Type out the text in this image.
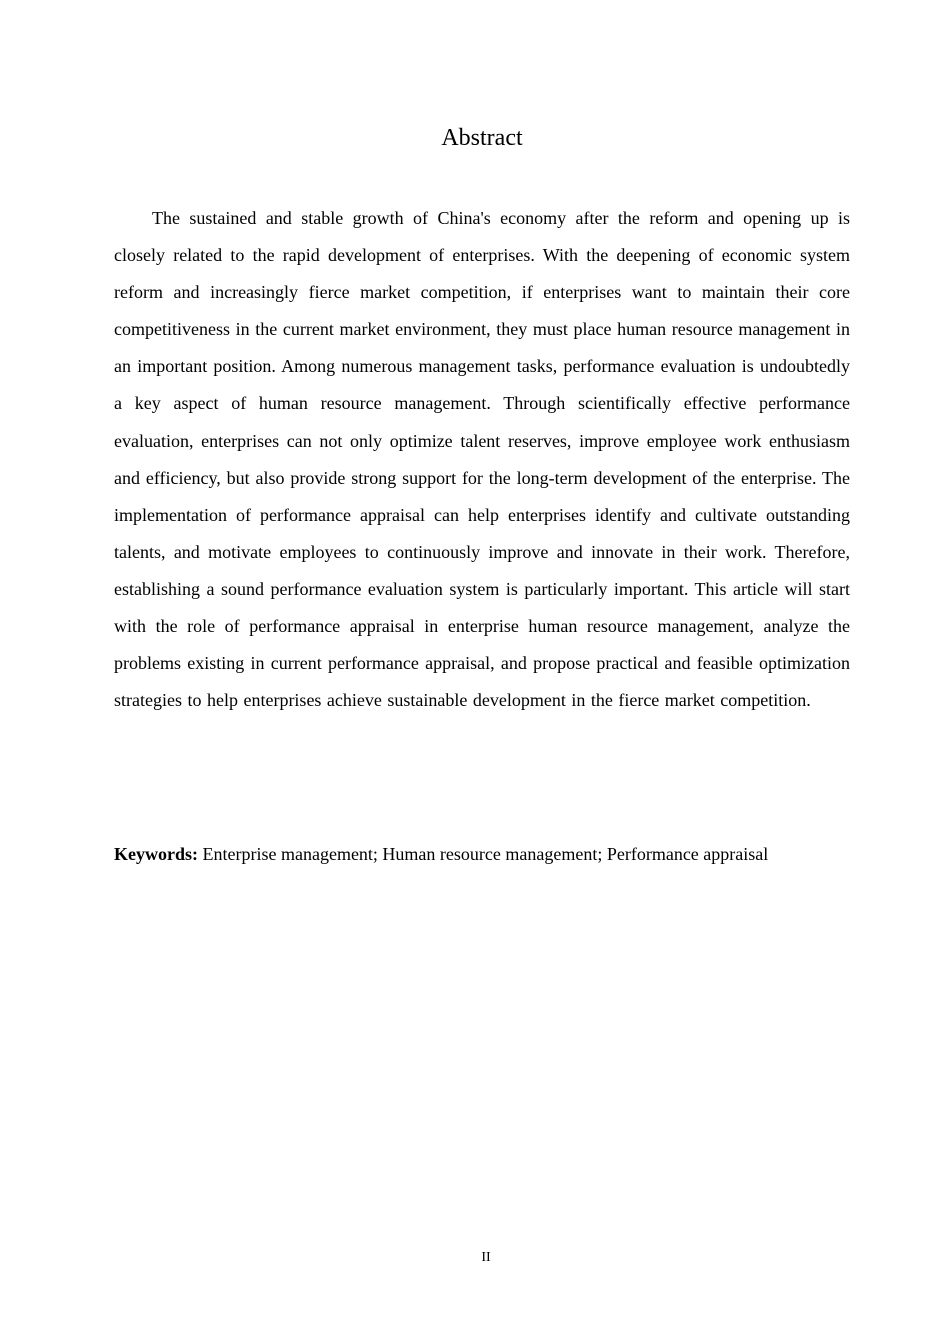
Abstract

The sustained and stable growth of China's economy after the reform and opening up is closely related to the rapid development of enterprises. With the deepening of economic system reform and increasingly fierce market competition, if enterprises want to maintain their core competitiveness in the current market environment, they must place human resource management in an important position. Among numerous management tasks, performance evaluation is undoubtedly a key aspect of human resource management. Through scientifically effective performance evaluation, enterprises can not only optimize talent reserves, improve employee work enthusiasm and efficiency, but also provide strong support for the long-term development of the enterprise. The implementation of performance appraisal can help enterprises identify and cultivate outstanding talents, and motivate employees to continuously improve and innovate in their work. Therefore, establishing a sound performance evaluation system is particularly important. This article will start with the role of performance appraisal in enterprise human resource management, analyze the problems existing in current performance appraisal, and propose practical and feasible optimization strategies to help enterprises achieve sustainable development in the fierce market competition.

Keywords: Enterprise management; Human resource management; Performance appraisal

II
